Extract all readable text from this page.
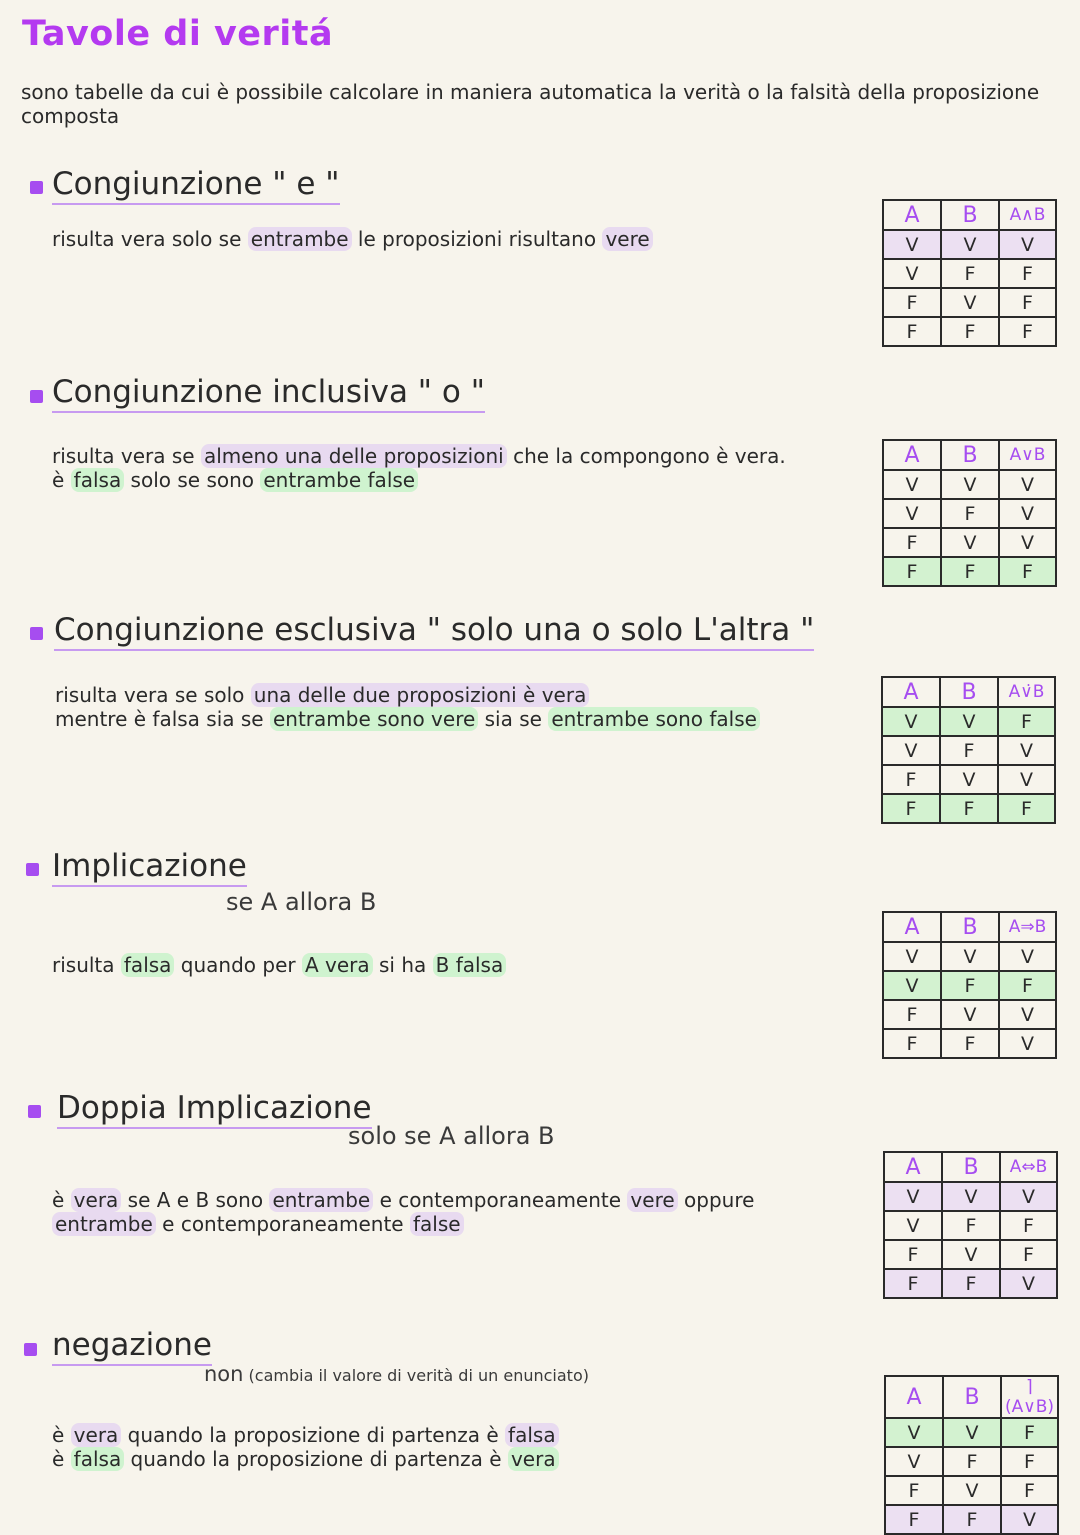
Tavole di veritá
sono tabelle da cui è possibile calcolare in maniera automatica la verità o la falsità della proposizione composta
Congiunzione " e "
risulta vera solo se entrambe le proposizioni risultano vere
A	B	A∧B
V	V	V
V	F	F
F	V	F
F	F	F
Congiunzione inclusiva " o "
risulta vera se almeno una delle proposizioni che la compongono è vera.
è falsa solo se sono entrambe false
A	B	A∨B
V	V	V
V	F	V
F	V	V
F	F	F
Congiunzione esclusiva " solo una o solo L'altra "
risulta vera se solo una delle due proposizioni è vera
mentre è falsa sia se entrambe sono vere sia se entrambe sono false
A	B	A∨̇B
V	V	F
V	F	V
F	V	V
F	F	F
Implicazione
se A allora B
risulta falsa quando per A vera si ha B falsa
A	B	A⇒B
V	V	V
V	F	F
F	V	V
F	F	V
Doppia Implicazione
solo se A allora B
è vera se A e B sono entrambe e contemporaneamente vere oppure
entrambe e contemporaneamente false
A	B	A⇔B
V	V	V
V	F	F
F	V	F
F	F	V
negazione
non (cambia il valore di verità di un enunciato)
è vera quando la proposizione di partenza è falsa
è falsa quando la proposizione di partenza è vera
A	B	⌉(A∨B)
V	V	F
V	F	F
F	V	F
F	F	V
